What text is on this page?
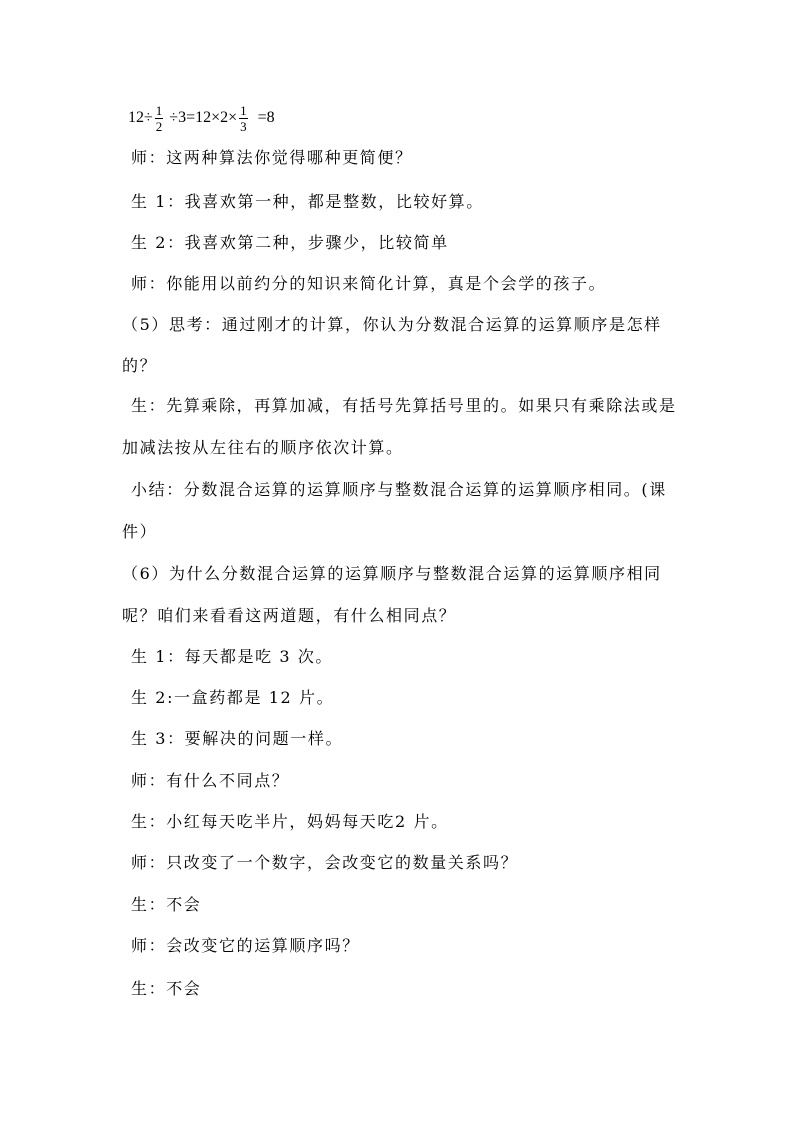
$12\div \frac{1}{2} \div 3=12\times 2\times \frac{1}{3} =8$
师：这两种算法你觉得哪种更简便？
生 1：我喜欢第一种，都是整数，比较好算。
生 2：我喜欢第二种，步骤少，比较简单
师：你能用以前约分的知识来简化计算，真是个会学的孩子。
（5）思考：通过刚才的计算，你认为分数混合运算的运算顺序是怎样
的？
生：先算乘除，再算加减，有括号先算括号里的。如果只有乘除法或是
加减法按从左往右的顺序依次计算。
小结：分数混合运算的运算顺序与整数混合运算的运算顺序相同。(课
件）
（6）为什么分数混合运算的运算顺序与整数混合运算的运算顺序相同
呢？咱们来看看这两道题，有什么相同点？
生 1：每天都是吃 3 次。
生 2:一盒药都是 12 片。
生 3：要解决的问题一样。
师：有什么不同点？
生：小红每天吃半片，妈妈每天吃2 片。
师：只改变了一个数字，会改变它的数量关系吗？
生：不会
师：会改变它的运算顺序吗？
生：不会
